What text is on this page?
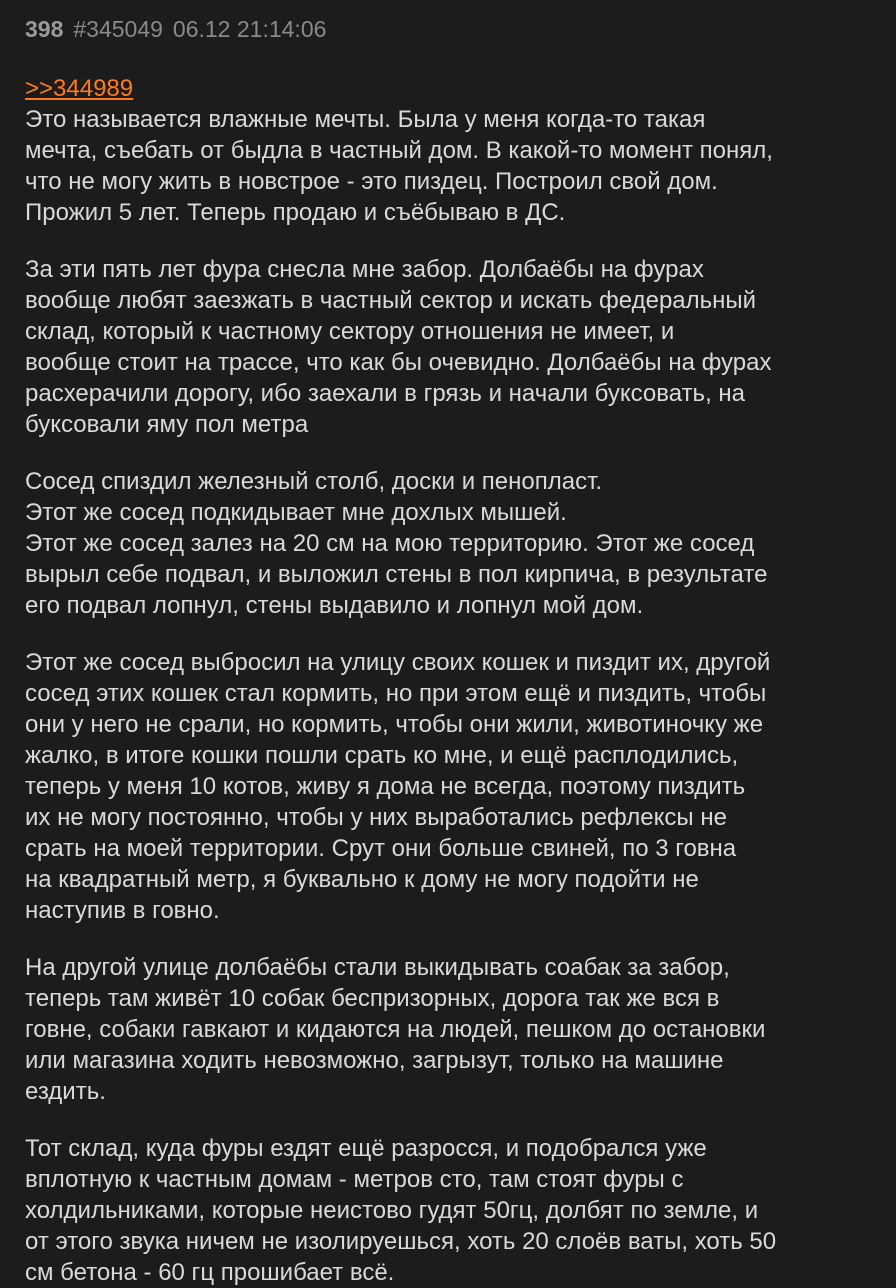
398 #345049 06.12 21:14:06
>>344989

Это называется влажные мечты. Была у меня когда-то такая
мечта, съебать от быдла в частный дом. В какой-то момент понял,
что не могу жить в новстрое - это пиздец. Построил свой дом.
Прожил 5 лет. Теперь продаю и съёбываю в ДС.

За эти пять лет фура снесла мне забор. Долбаёбы на фурах
вообще любят заезжать в частный сектор и искать федеральный
склад, который к частному сектору отношения не имеет, и
вообще стоит на трассе, что как бы очевидно. Долбаёбы на фурах
расхерачили дорогу, ибо заехали в грязь и начали буксовать, на
буксовали яму пол метра

Сосед спиздил железный столб, доски и пенопласт.
Этот же сосед подкидывает мне дохлых мышей.
Этот же сосед залез на 20 см на мою территорию. Этот же сосед
вырыл себе подвал, и выложил стены в пол кирпича, в результате
его подвал лопнул, стены выдавило и лопнул мой дом.

Этот же сосед выбросил на улицу своих кошек и пиздит их, другой
сосед этих кошек стал кормить, но при этом ещё и пиздить, чтобы
они у него не срали, но кормить, чтобы они жили, животиночку же
жалко, в итоге кошки пошли срать ко мне, и ещё расплодились,
теперь у меня 10 котов, живу я дома не всегда, поэтому пиздить
их не могу постоянно, чтобы у них выработались рефлексы не
срать на моей территории. Срут они больше свиней, по 3 говна
на квадратный метр, я буквально к дому не могу подойти не
наступив в говно.

На другой улице долбаёбы стали выкидывать соабак за забор,
теперь там живёт 10 собак беспризорных, дорога так же вся в
говне, собаки гавкают и кидаются на людей, пешком до остановки
или магазина ходить невозможно, загрызут, только на машине
ездить.

Тот склад, куда фуры ездят ещё разросся, и подобрался уже
вплотную к частным домам - метров сто, там стоят фуры с
холдильниками, которые неистово гудят 50гц, долбят по земле, и
от этого звука ничем не изолируешься, хоть 20 слоёв ваты, хоть 50
см бетона - 60 гц прошибает всё.
